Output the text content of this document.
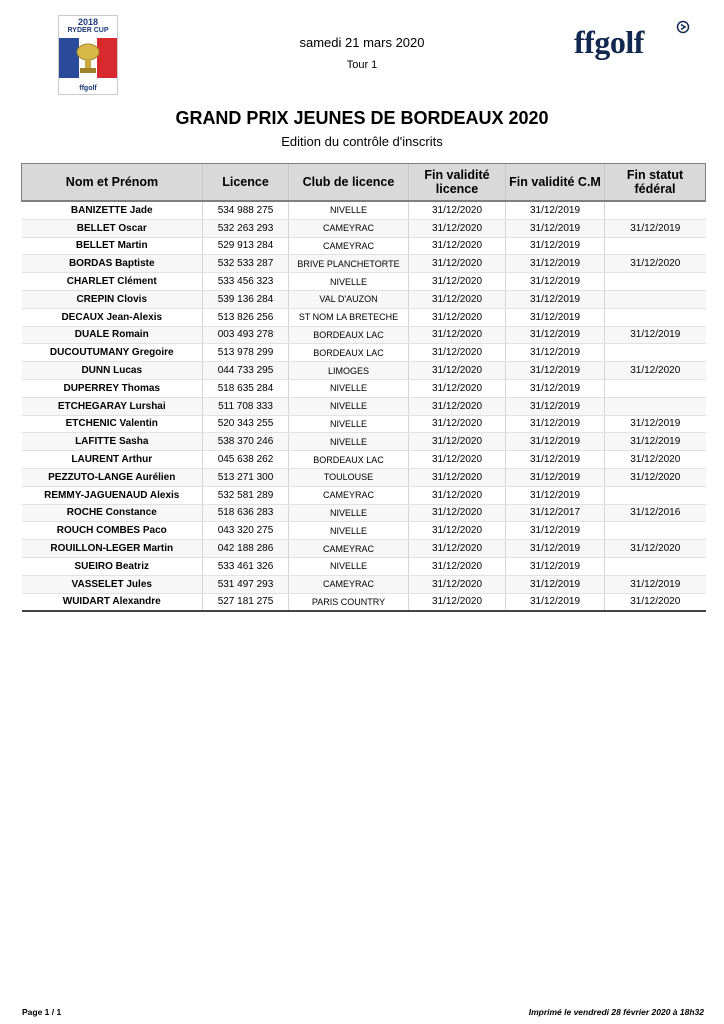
2018
RYDER CUP
ffgolf
samedi 21 mars 2020
Tour 1
ffgolf
GRAND PRIX JEUNES DE BORDEAUX 2020
Edition du contrôle d'inscrits
Nom et Prénom	Licence	Club de licence	Fin validité licence	Fin validité C.M	Fin statut fédéral
BANIZETTE Jade	534 988 275	NIVELLE	31/12/2020	31/12/2019	
BELLET Oscar	532 263 293	CAMEYRAC	31/12/2020	31/12/2019	31/12/2019
BELLET Martin	529 913 284	CAMEYRAC	31/12/2020	31/12/2019	
BORDAS Baptiste	532 533 287	BRIVE PLANCHETORTE	31/12/2020	31/12/2019	31/12/2020
CHARLET Clément	533 456 323	NIVELLE	31/12/2020	31/12/2019	
CREPIN Clovis	539 136 284	VAL D'AUZON	31/12/2020	31/12/2019	
DECAUX Jean-Alexis	513 826 256	ST NOM LA BRETECHE	31/12/2020	31/12/2019	
DUALE Romain	003 493 278	BORDEAUX LAC	31/12/2020	31/12/2019	31/12/2019
DUCOUTUMANY Gregoire	513 978 299	BORDEAUX LAC	31/12/2020	31/12/2019	
DUNN Lucas	044 733 295	LIMOGES	31/12/2020	31/12/2019	31/12/2020
DUPERREY Thomas	518 635 284	NIVELLE	31/12/2020	31/12/2019	
ETCHEGARAY Lurshai	511 708 333	NIVELLE	31/12/2020	31/12/2019	
ETCHENIC Valentin	520 343 255	NIVELLE	31/12/2020	31/12/2019	31/12/2019
LAFITTE Sasha	538 370 246	NIVELLE	31/12/2020	31/12/2019	31/12/2019
LAURENT Arthur	045 638 262	BORDEAUX LAC	31/12/2020	31/12/2019	31/12/2020
PEZZUTO-LANGE Aurélien	513 271 300	TOULOUSE	31/12/2020	31/12/2019	31/12/2020
REMMY-JAGUENAUD Alexis	532 581 289	CAMEYRAC	31/12/2020	31/12/2019	
ROCHE Constance	518 636 283	NIVELLE	31/12/2020	31/12/2017	31/12/2016
ROUCH COMBES Paco	043 320 275	NIVELLE	31/12/2020	31/12/2019	
ROUILLON-LEGER Martin	042 188 286	CAMEYRAC	31/12/2020	31/12/2019	31/12/2020
SUEIRO Beatriz	533 461 326	NIVELLE	31/12/2020	31/12/2019	
VASSELET Jules	531 497 293	CAMEYRAC	31/12/2020	31/12/2019	31/12/2019
WUIDART Alexandre	527 181 275	PARIS COUNTRY	31/12/2020	31/12/2019	31/12/2020
Page 1 / 1	Imprimé le vendredi 28 février 2020 à 18h32
